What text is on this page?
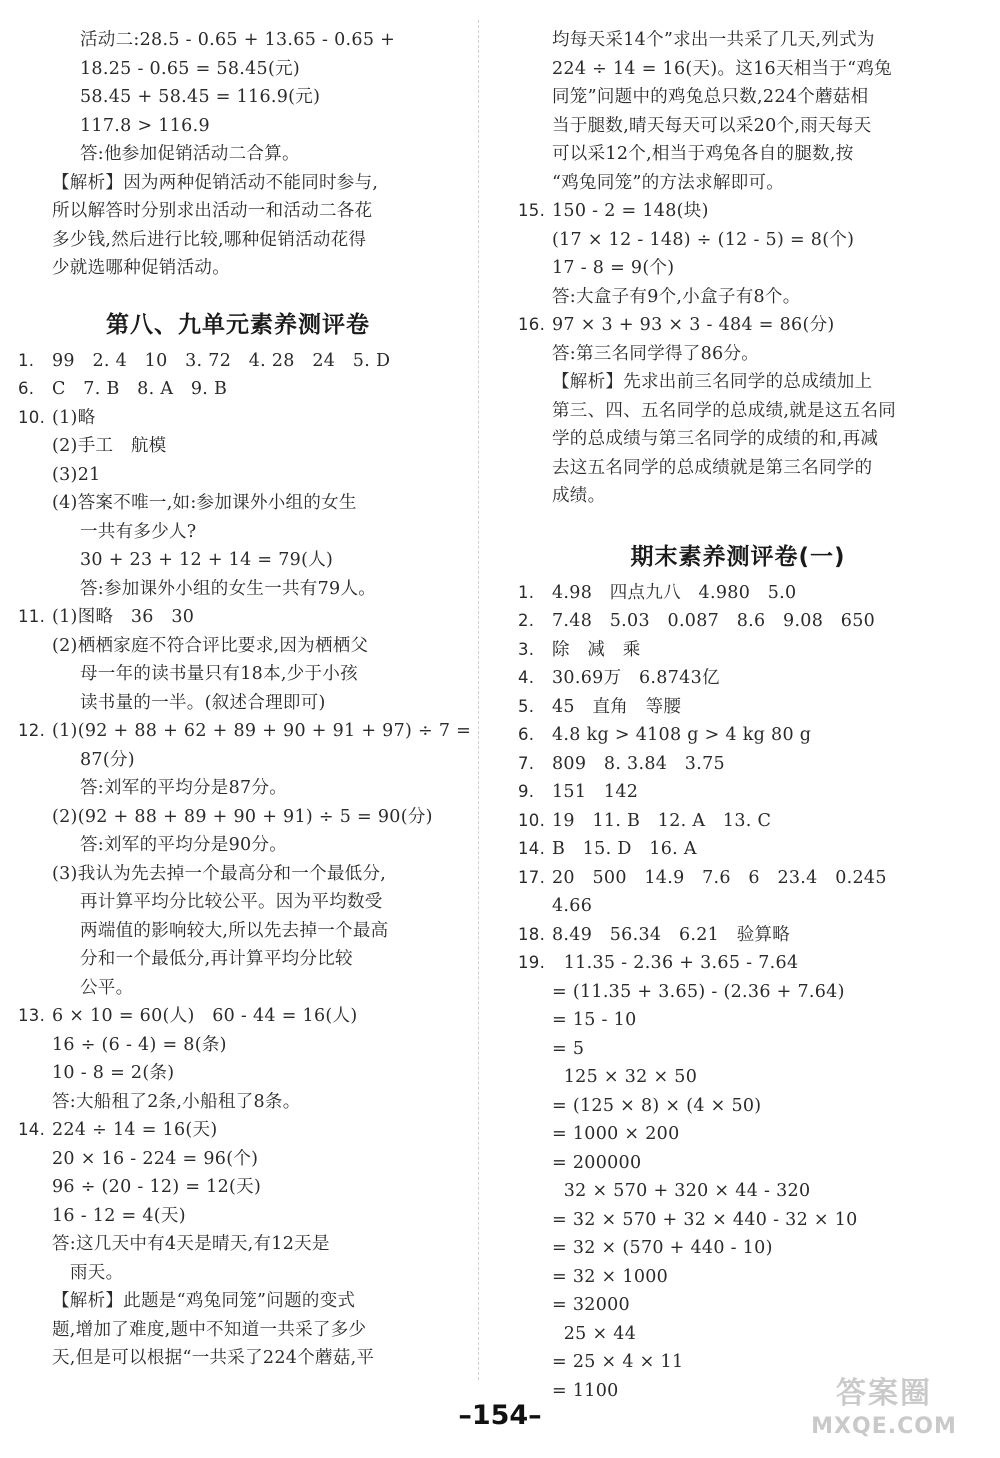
活动二:28.5 - 0.65 + 13.65 - 0.65 +
18.25 - 0.65 = 58.45(元)
58.45 + 58.45 = 116.9(元)
117.8 > 116.9
答:他参加促销活动二合算。
【解析】因为两种促销活动不能同时参与,
所以解答时分别求出活动一和活动二各花
多少钱,然后进行比较,哪种促销活动花得
少就选哪种促销活动。
第八、九单元素养测评卷
1. 99   2. 4   10   3. 72   4. 28   24   5. D
6. C   7. B   8. A   9. B
10. (1)略
(2)手工   航模
(3)21
(4)答案不唯一,如:参加课外小组的女生
一共有多少人?
30 + 23 + 12 + 14 = 79(人)
答:参加课外小组的女生一共有79人。
11. (1)图略   36   30
(2)栖栖家庭不符合评比要求,因为栖栖父
母一年的读书量只有18本,少于小孩
读书量的一半。(叙述合理即可)
12. (1)(92 + 88 + 62 + 89 + 90 + 91 + 97) ÷ 7 =
87(分)
答:刘军的平均分是87分。
(2)(92 + 88 + 89 + 90 + 91) ÷ 5 = 90(分)
答:刘军的平均分是90分。
(3)我认为先去掉一个最高分和一个最低分,
再计算平均分比较公平。因为平均数受
两端值的影响较大,所以先去掉一个最高
分和一个最低分,再计算平均分比较
公平。
13. 6 × 10 = 60(人)   60 - 44 = 16(人)
16 ÷ (6 - 4) = 8(条)
10 - 8 = 2(条)
答:大船租了2条,小船租了8条。
14. 224 ÷ 14 = 16(天)
20 × 16 - 224 = 96(个)
96 ÷ (20 - 12) = 12(天)
16 - 12 = 4(天)
答:这几天中有4天是晴天,有12天是
雨天。
【解析】此题是“鸡兔同笼”问题的变式
题,增加了难度,题中不知道一共采了多少
天,但是可以根据“一共采了224个蘑菇,平
均每天采14个”求出一共采了几天,列式为
224 ÷ 14 = 16(天)。这16天相当于“鸡兔
同笼”问题中的鸡兔总只数,224个蘑菇相
当于腿数,晴天每天可以采20个,雨天每天
可以采12个,相当于鸡兔各自的腿数,按
“鸡兔同笼”的方法求解即可。
15. 150 - 2 = 148(块)
(17 × 12 - 148) ÷ (12 - 5) = 8(个)
17 - 8 = 9(个)
答:大盒子有9个,小盒子有8个。
16. 97 × 3 + 93 × 3 - 484 = 86(分)
答:第三名同学得了86分。
【解析】先求出前三名同学的总成绩加上
第三、四、五名同学的总成绩,就是这五名同
学的总成绩与第三名同学的成绩的和,再减
去这五名同学的总成绩就是第三名同学的
成绩。
期末素养测评卷(一)
1. 4.98   四点九八   4.980   5.0
2. 7.48   5.03   0.087   8.6   9.08   650
3. 除   减   乘
4. 30.69万   6.8743亿
5. 45   直角   等腰
6. 4.8 kg > 4108 g > 4 kg 80 g
7. 809   8. 3.84   3.75
9. 151   142
10. 19   11. B   12. A   13. C
14. B   15. D   16. A
17. 20   500   14.9   7.6   6   23.4   0.245
4.66
18. 8.49   56.34   6.21   验算略
19.  11.35 - 2.36 + 3.65 - 7.64
= (11.35 + 3.65) - (2.36 + 7.64)
= 15 - 10
= 5
125 × 32 × 50
= (125 × 8) × (4 × 50)
= 1000 × 200
= 200000
32 × 570 + 320 × 44 - 320
= 32 × 570 + 32 × 440 - 32 × 10
= 32 × (570 + 440 - 10)
= 32 × 1000
= 32000
25 × 44
= 25 × 4 × 11
= 1100
–154–
答案圈
MXQE.COM
